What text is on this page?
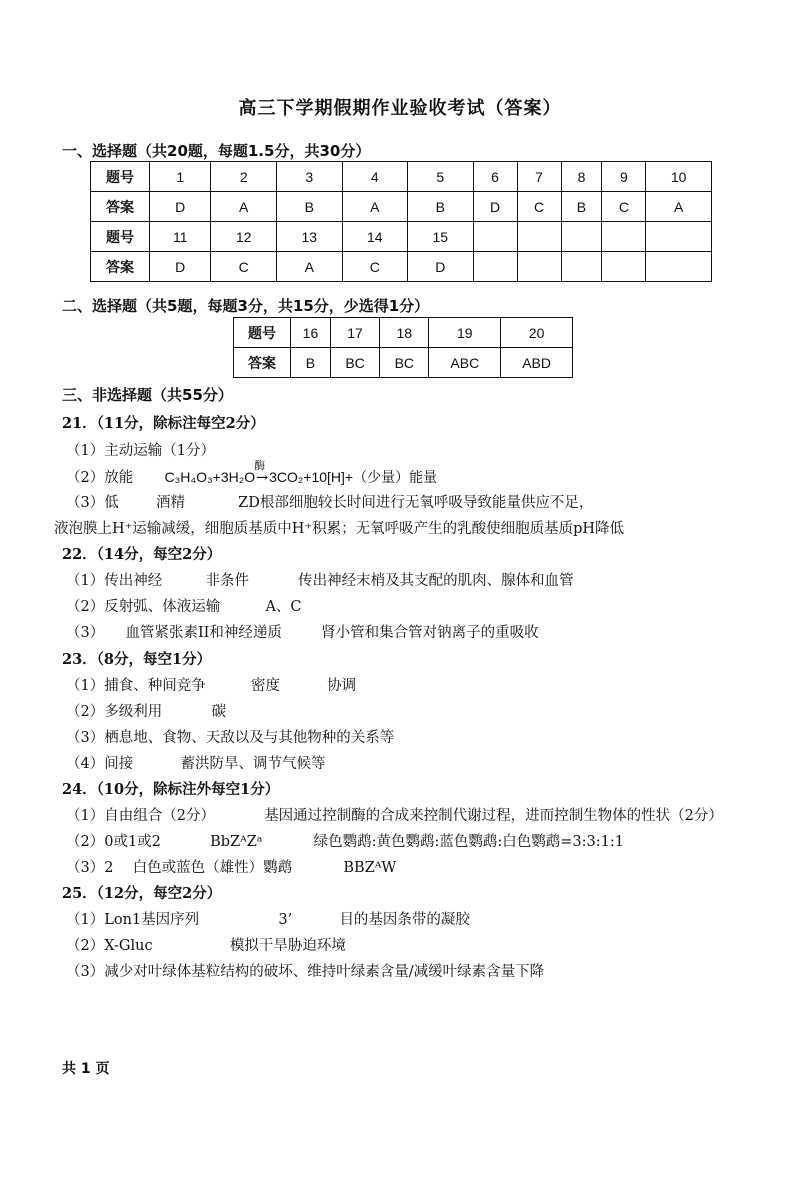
高三下学期假期作业验收考试（答案）
一、选择题（共20题，每题1.5分，共30分）
题号	1	2	3	4	5	6	7	8	9	10
答案	D	A	B	A	B	D	C	B	C	A
题号	11	12	13	14	15					
答案	D	C	A	C	D					
二、选择题（共5题，每题3分，共15分，少选得1分）
题号	16	17	18	19	20
答案	B	BC	BC	ABC	ABD
三、非选择题（共55分）
21．（11分，除标注每空2分）
（1）主动运输（1分）
（2）放能 C₃H₄O₃+3H₂O
酶
→3CO₂+10[H]+（少量）能量
（3）低	酒精	ZD根部细胞较长时间进行无氧呼吸导致能量供应不足，
液泡膜上H⁺运输减缓，细胞质基质中H⁺积累；无氧呼吸产生的乳酸使细胞质基质pH降低
22．（14分，每空2分）
（1）传出神经	非条件	传出神经末梢及其支配的肌肉、腺体和血管
（2）反射弧、体液运输	A、C
（3） 血管紧张素II和神经递质	肾小管和集合管对钠离子的重吸收
23．（8分，每空1分）
（1）捕食、种间竞争	密度	协调
（2）多级利用	碳
（3）栖息地、食物、天敌以及与其他物种的关系等
（4）间接	蓄洪防旱、调节气候等
24．（10分，除标注外每空1分）
（1）自由组合（2分）	基因通过控制酶的合成来控制代谢过程，进而控制生物体的性状（2分）
（2）0或1或2	BbZᴬZᵃ	绿色鹦鹉:黄色鹦鹉:蓝色鹦鹉:白色鹦鹉=3:3:1:1
（3）2 白色或蓝色（雄性）鹦鹉	BBZᴬW
25．（12分，每空2分）
（1）Lon1基因序列	3’	目的基因条带的凝胶
（2）X-Gluc	模拟干旱胁迫环境
（3）减少对叶绿体基粒结构的破坏、维持叶绿素含量/减缓叶绿素含量下降
共 1 页
